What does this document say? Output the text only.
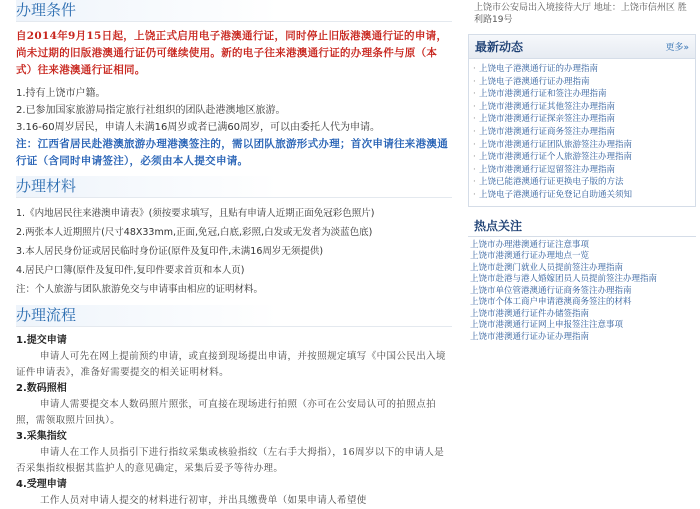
办理条件
自2014年9月15日起，上饶正式启用电子港澳通行证，同时停止旧版港澳通行证的申请，尚未过期的旧版港澳通行证仍可继续使用。新的电子往来港澳通行证的办理条件与原（本式）往来港澳通行证相同。
1.持有上饶市户籍。
2.已参加国家旅游局指定旅行社组织的团队赴港澳地区旅游。
3.16-60周岁居民，申请人未满16周岁或者已满60周岁，可以由委托人代为申请。
注：江西省居民赴港澳旅游办理港澳签注的，需以团队旅游形式办理；首次申请往来港澳通行证（含同时申请签注），必须由本人提交申请。
办理材料
1.《内地居民往来港澳申请表》(须按要求填写，且贴有申请人近期正面免冠彩色照片)
2.两张本人近期照片(尺寸48X33mm,正面,免冠,白底,彩照,白发或无发者为淡蓝色底)
3.本人居民身份证或居民临时身份证(原件及复印件,未满16周岁无须提供)
4.居民户口簿(原件及复印件,复印件要求首页和本人页)
注：个人旅游与团队旅游免交与申请事由相应的证明材料。
办理流程
1.提交申请
申请人可先在网上提前预约申请，或直接到现场提出申请，并按照规定填写《中国公民出入境证件申请表》，准备好需要提交的相关证明材料。
2.数码照相
申请人需要提交本人数码照片照张，可直接在现场进行拍照（亦可在公安局认可的拍照点拍照，需领取照片回执）。
3.采集指纹
申请人在工作人员指引下进行指纹采集或核验指纹（左右手大拇指），16周岁以下的申请人是否采集指纹根据其监护人的意见确定，采集后妥予等待办理。
4.受理申请
工作人员对申请人提交的材料进行初审，并出具缴费单（如果申请人希望使
上饶市公安局出入境接待大厅 地址：上饶市信州区 胜利路19号
最新动态	更多»
· 上饶电子港澳通行证的办理指南
· 上饶电子港澳通行证办理指南
· 上饶市港澳通行证和签注办理指南
· 上饶市港澳通行证其他签注办理指南
· 上饶市港澳通行证探亲签注办理指南
· 上饶市港澳通行证商务签注办理指南
· 上饶市港澳通行证团队旅游签注办理指南
· 上饶市港澳通行证个人旅游签注办理指南
· 上饶市港澳通行证逗留签注办理指南
· 上饶已能港澳通行证更换电子版的方法
· 上饶电子港澳通行证免登记自助通关须知
热点关注
上饶市办理港澳通行证注意事项
上饶市港澳通行证办理地点一览
上饶市赴澳门就业人员提前签注办理指南
上饶市赴港与港人婚嫁团员人员提前签注办理指南
上饶市单位管港澳通行证商务签注办理指南
上饶市个体工商户申请港澳商务签注的材料
上饶市港澳通行证件办储签指南
上饶市港澳通行证网上申报签注注意事项
上饶市港澳通行证办证办理指南
